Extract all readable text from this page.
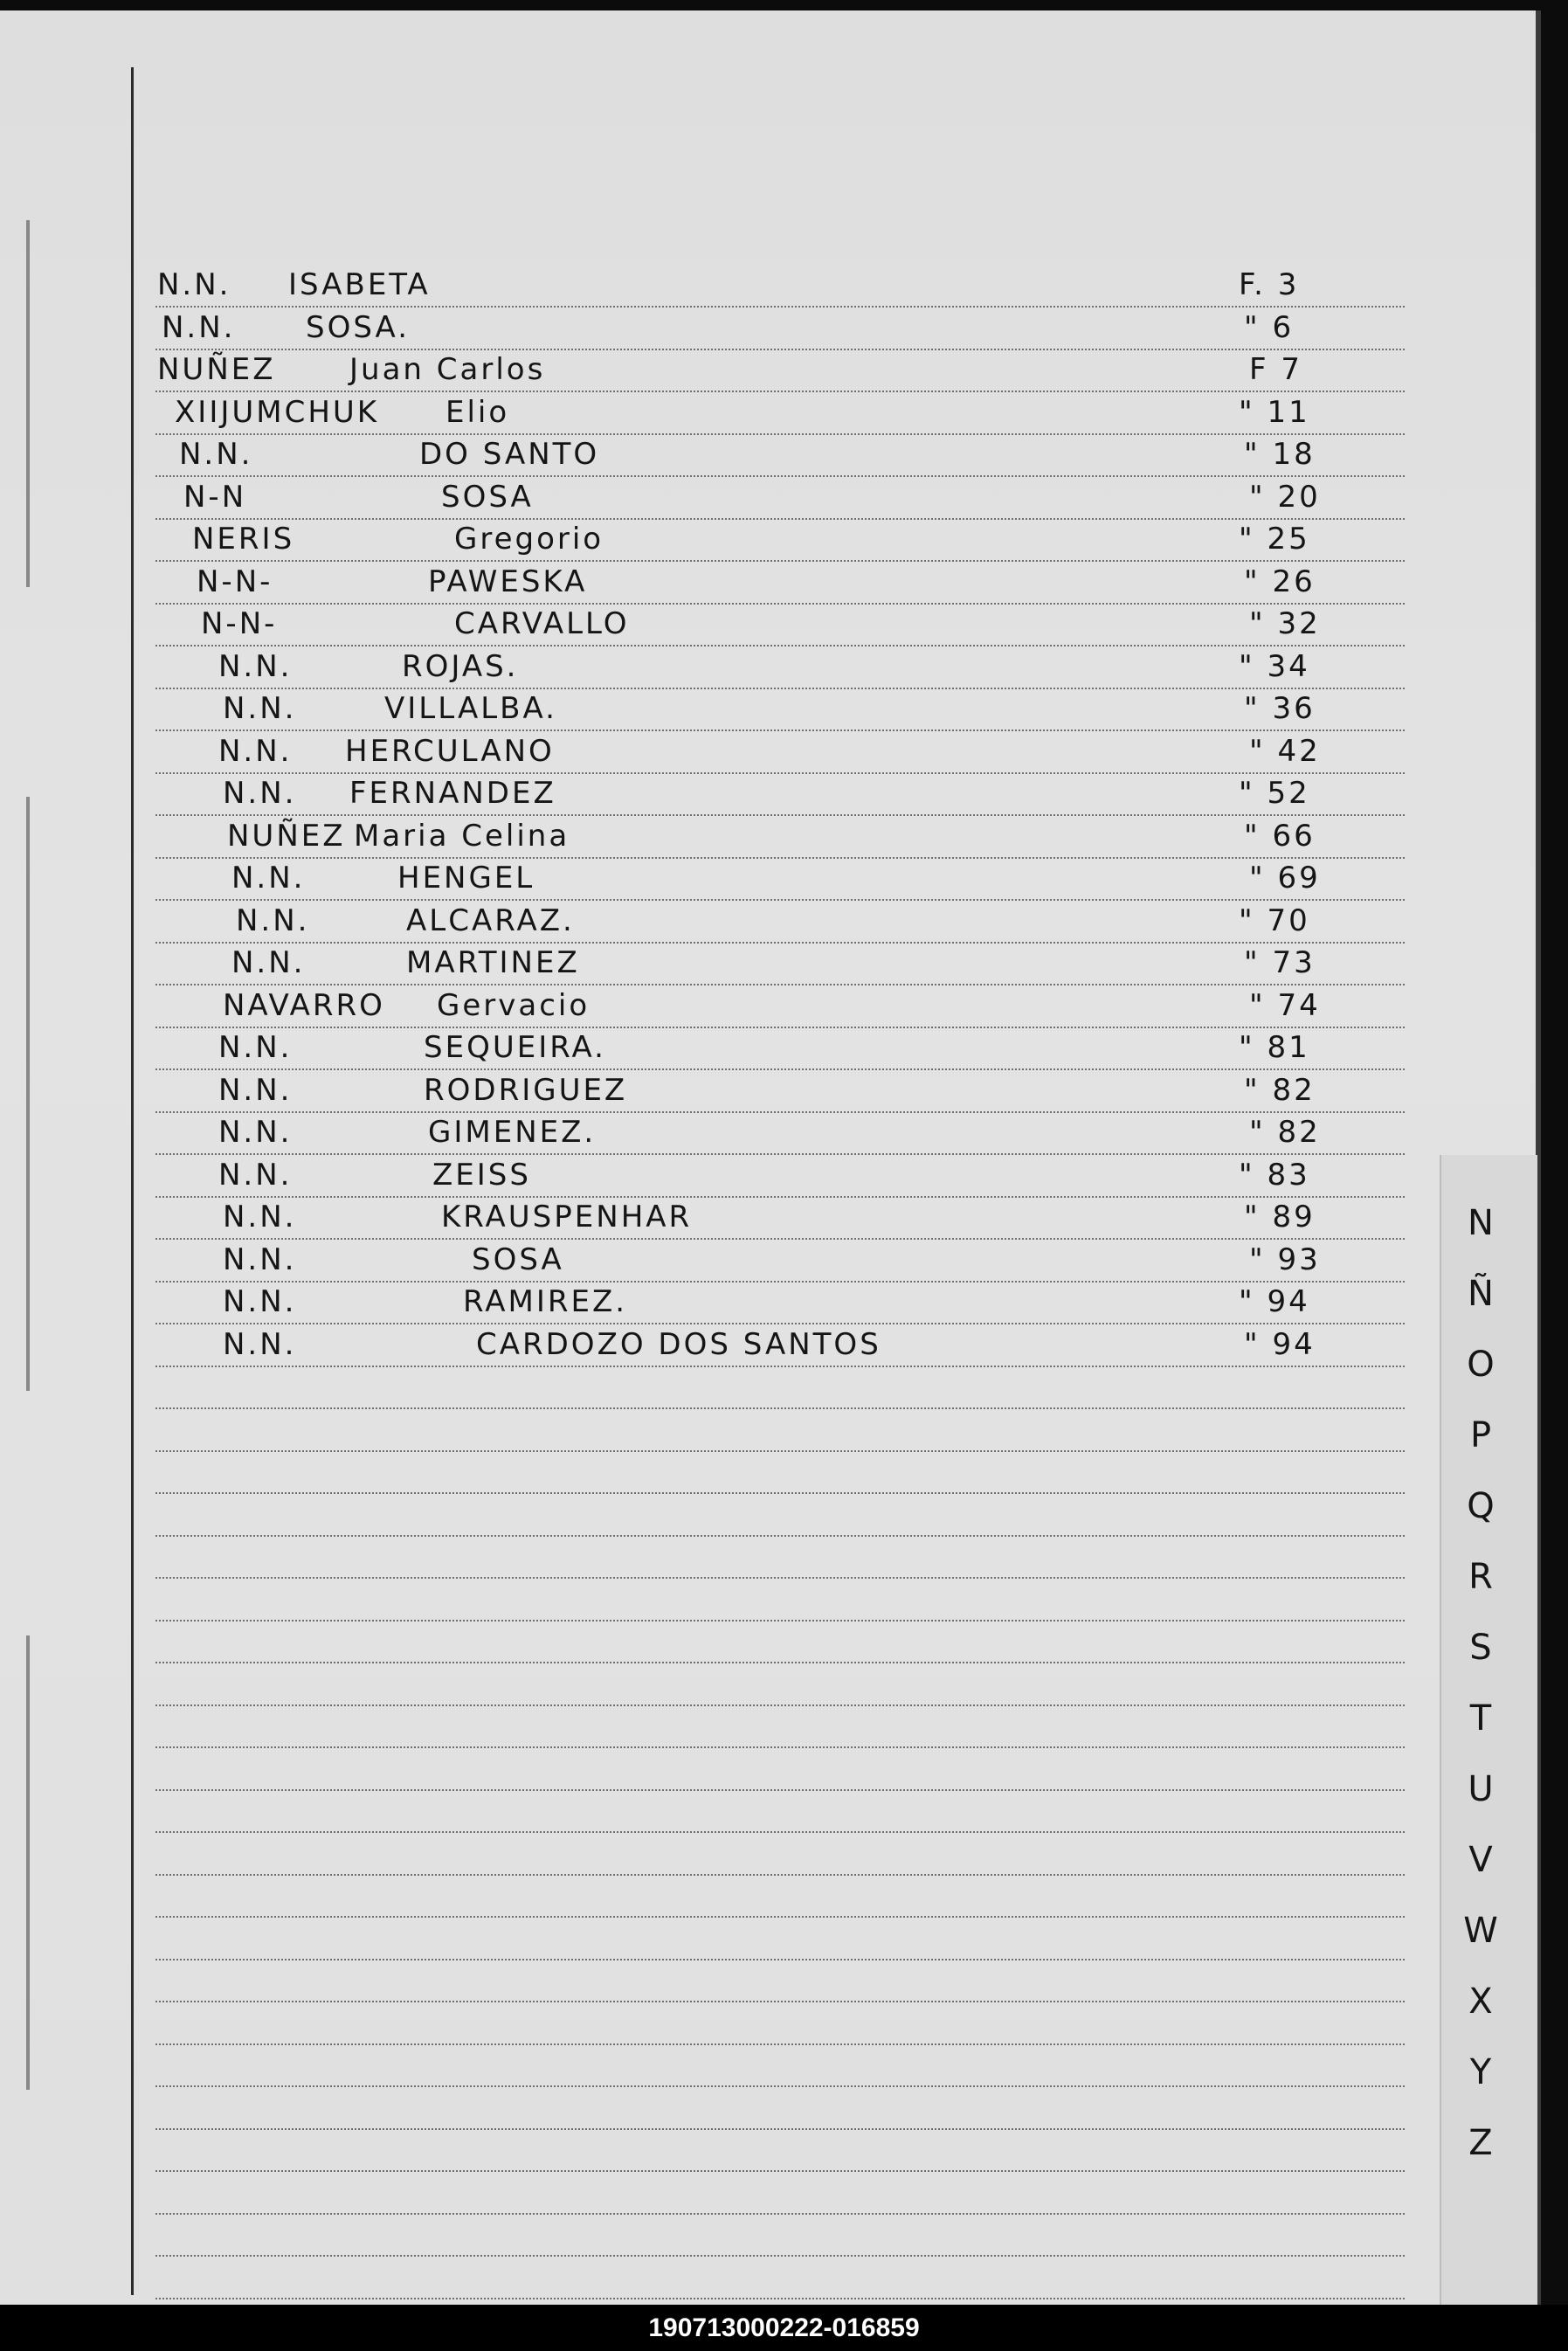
N.N. ISABETA	F. 3
N.N. SOSA.	" 6
NUÑEZ Juan Carlos	F 7
XIIJUMCHUK Elio	" 11
N.N.	DO SANTO	" 18
N-N	SOSA	" 20
NERIS	Gregorio	" 25
N-N-	PAWESKA	" 26
N-N-	CARVALLO	" 32
N.N.	ROJAS.	" 34
N.N.	VILLALBA.	" 36
N.N. HERCULANO	" 42
N.N. FERNANDEZ	" 52
NUÑEZ Maria Celina	" 66
N.N.	HENGEL	" 69
N.N.	ALCARAZ.	" 70
N.N.	MARTINEZ	" 73
NAVARRO Gervacio	" 74
N.N.	SEQUEIRA.	" 81
N.N.	RODRIGUEZ	" 82
N.N.	GIMENEZ.	" 82
N.N.	ZEISS	" 83
N.N.	KRAUSPENHAR	" 89
N.N.	SOSA	" 93
N.N.	RAMIREZ.	" 94
N.N.	CARDOZO DOS SANTOS	" 94
N
Ñ
O
P
Q
R
S
T
U
V
W
X
Y
Z
190713000222-016859
